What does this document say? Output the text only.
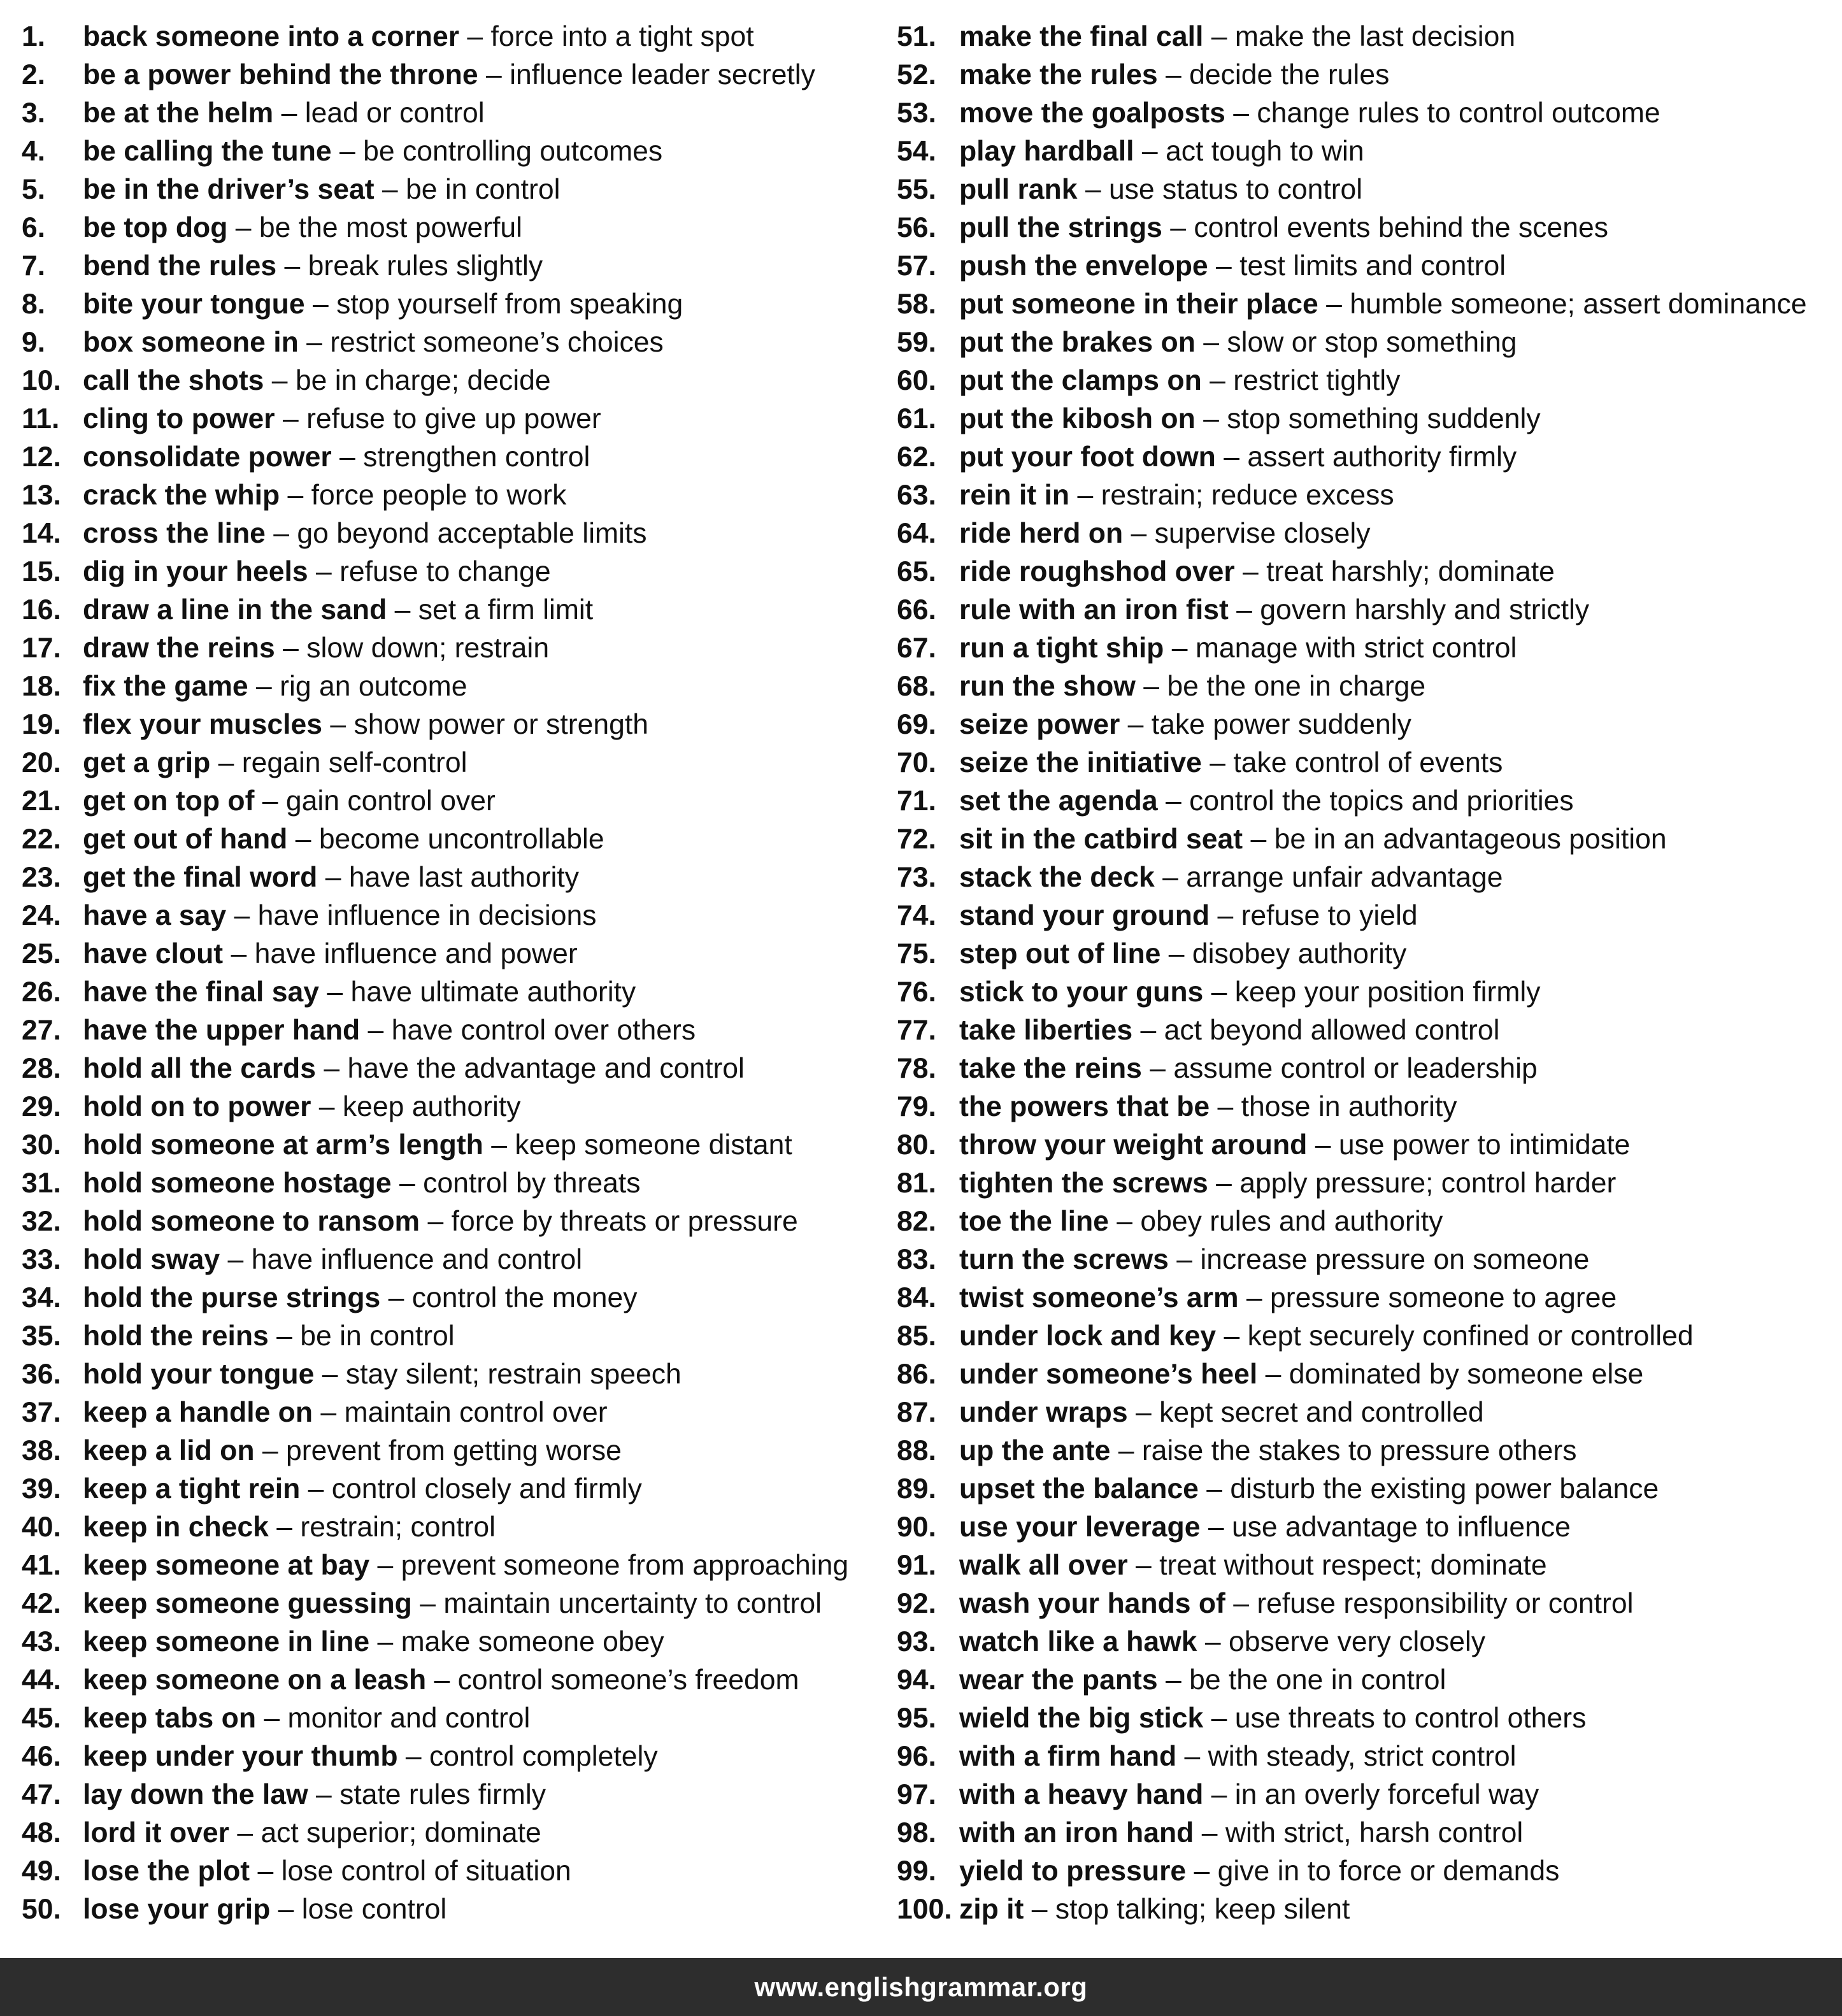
1.	back someone into a corner – force into a tight spot
2.	be a power behind the throne – influence leader secretly
3.	be at the helm – lead or control
4.	be calling the tune – be controlling outcomes
5.	be in the driver’s seat – be in control
6.	be top dog – be the most powerful
7.	bend the rules – break rules slightly
8.	bite your tongue – stop yourself from speaking
9.	box someone in – restrict someone’s choices
10. call the shots – be in charge; decide
11. cling to power – refuse to give up power
12. consolidate power – strengthen control
13. crack the whip – force people to work
14. cross the line – go beyond acceptable limits
15. dig in your heels – refuse to change
16. draw a line in the sand – set a firm limit
17. draw the reins – slow down; restrain
18. fix the game – rig an outcome
19. flex your muscles – show power or strength
20. get a grip – regain self-control
21. get on top of – gain control over
22. get out of hand – become uncontrollable
23. get the final word – have last authority
24. have a say – have influence in decisions
25. have clout – have influence and power
26. have the final say – have ultimate authority
27. have the upper hand – have control over others
28. hold all the cards – have the advantage and control
29. hold on to power – keep authority
30. hold someone at arm’s length – keep someone distant
31. hold someone hostage – control by threats
32. hold someone to ransom – force by threats or pressure
33. hold sway – have influence and control
34. hold the purse strings – control the money
35. hold the reins – be in control
36. hold your tongue – stay silent; restrain speech
37. keep a handle on – maintain control over
38. keep a lid on – prevent from getting worse
39. keep a tight rein – control closely and firmly
40. keep in check – restrain; control
41. keep someone at bay – prevent someone from approaching
42. keep someone guessing – maintain uncertainty to control
43. keep someone in line – make someone obey
44. keep someone on a leash – control someone’s freedom
45. keep tabs on – monitor and control
46. keep under your thumb – control completely
47. lay down the law – state rules firmly
48. lord it over – act superior; dominate
49. lose the plot – lose control of situation
50. lose your grip – lose control
51. make the final call – make the last decision
52. make the rules – decide the rules
53. move the goalposts – change rules to control outcome
54. play hardball – act tough to win
55. pull rank – use status to control
56. pull the strings – control events behind the scenes
57. push the envelope – test limits and control
58. put someone in their place – humble someone; assert dominance
59. put the brakes on – slow or stop something
60. put the clamps on – restrict tightly
61. put the kibosh on – stop something suddenly
62. put your foot down – assert authority firmly
63. rein it in – restrain; reduce excess
64. ride herd on – supervise closely
65. ride roughshod over – treat harshly; dominate
66. rule with an iron fist – govern harshly and strictly
67. run a tight ship – manage with strict control
68. run the show – be the one in charge
69. seize power – take power suddenly
70. seize the initiative – take control of events
71. set the agenda – control the topics and priorities
72. sit in the catbird seat – be in an advantageous position
73. stack the deck – arrange unfair advantage
74. stand your ground – refuse to yield
75. step out of line – disobey authority
76. stick to your guns – keep your position firmly
77. take liberties – act beyond allowed control
78. take the reins – assume control or leadership
79. the powers that be – those in authority
80. throw your weight around – use power to intimidate
81. tighten the screws – apply pressure; control harder
82. toe the line – obey rules and authority
83. turn the screws – increase pressure on someone
84. twist someone’s arm – pressure someone to agree
85. under lock and key – kept securely confined or controlled
86. under someone’s heel – dominated by someone else
87. under wraps – kept secret and controlled
88. up the ante – raise the stakes to pressure others
89. upset the balance – disturb the existing power balance
90. use your leverage – use advantage to influence
91. walk all over – treat without respect; dominate
92. wash your hands of – refuse responsibility or control
93. watch like a hawk – observe very closely
94. wear the pants – be the one in control
95. wield the big stick – use threats to control others
96. with a firm hand – with steady, strict control
97. with a heavy hand – in an overly forceful way
98. with an iron hand – with strict, harsh control
99. yield to pressure – give in to force or demands
100. zip it – stop talking; keep silent
www.englishgrammar.org
